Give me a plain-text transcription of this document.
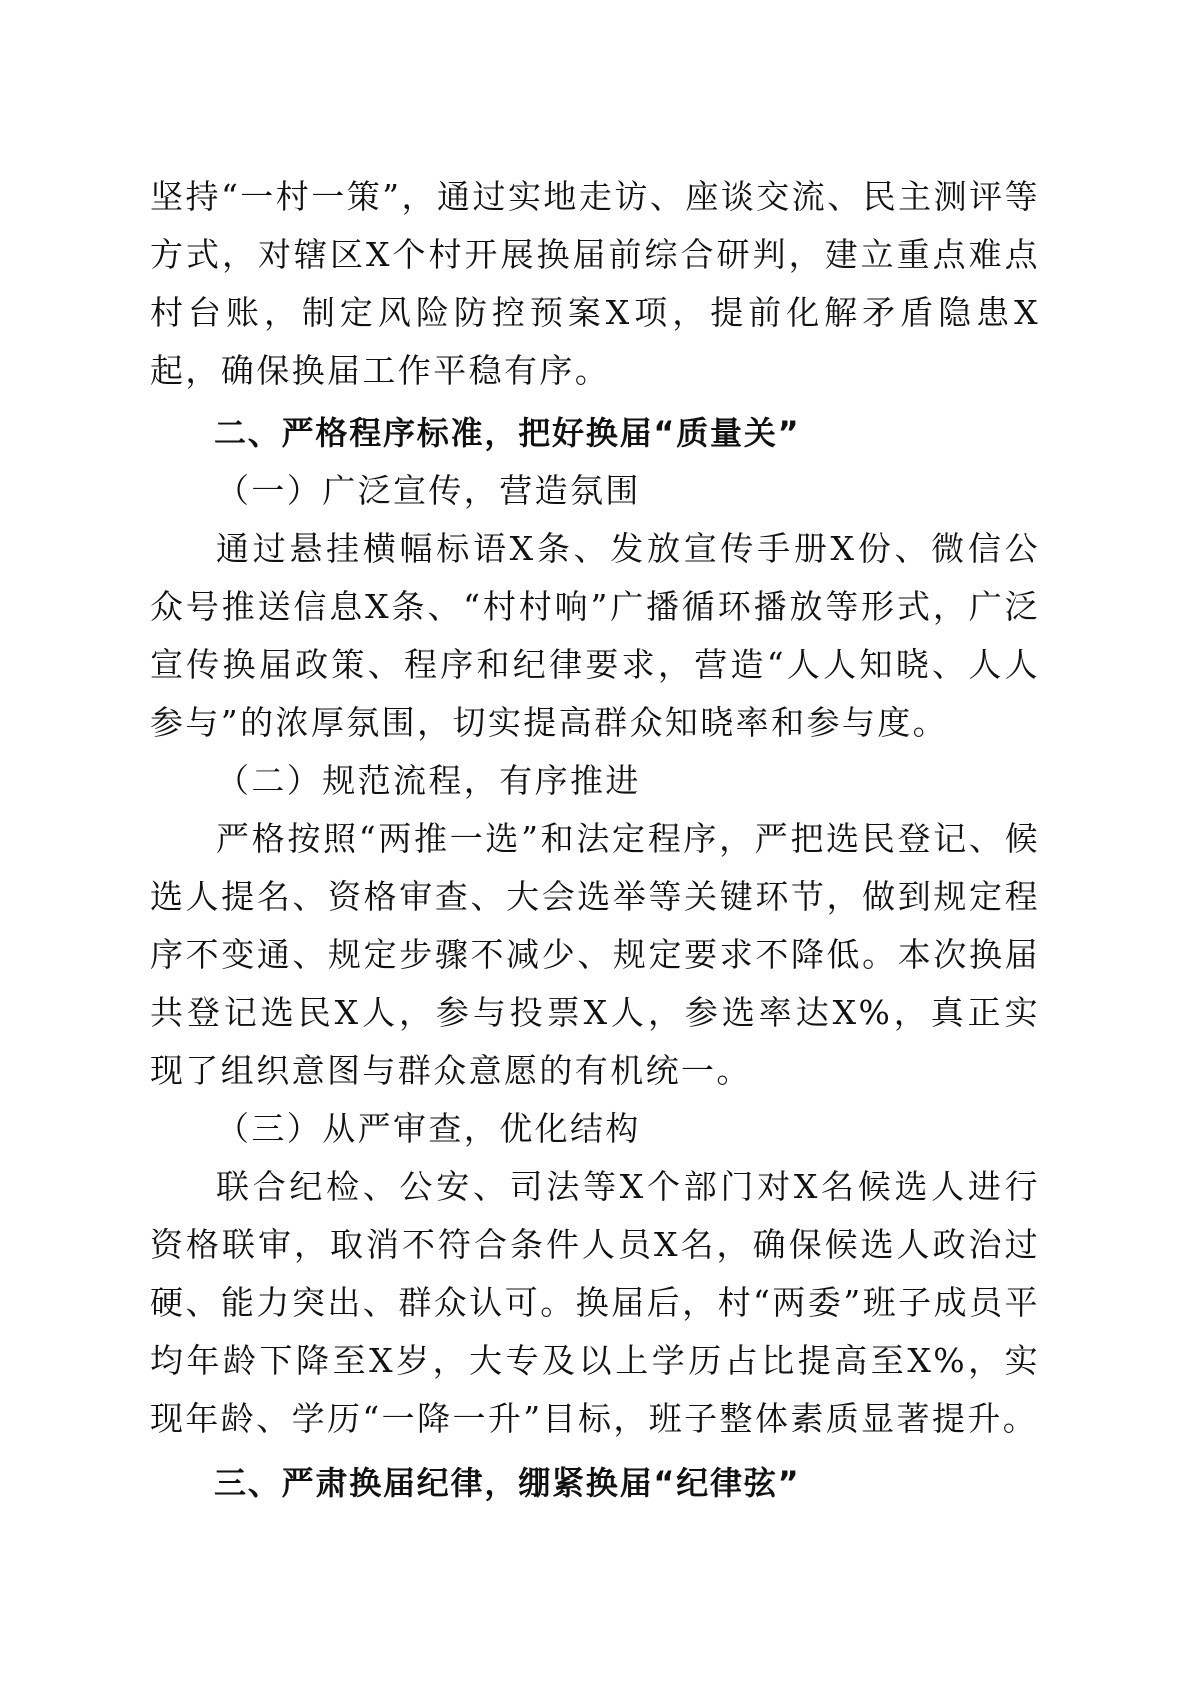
坚持“一村一策”，通过实地走访、座谈交流、民主测评等方式，对辖区X个村开展换届前综合研判，建立重点难点村台账，制定风险防控预案X项，提前化解矛盾隐患X起，确保换届工作平稳有序。

二、严格程序标准，把好换届“质量关”

（一）广泛宣传，营造氛围

通过悬挂横幅标语X条、发放宣传手册X份、微信公众号推送信息X条、“村村响”广播循环播放等形式，广泛宣传换届政策、程序和纪律要求，营造“人人知晓、人人参与”的浓厚氛围，切实提高群众知晓率和参与度。

（二）规范流程，有序推进

严格按照“两推一选”和法定程序，严把选民登记、候选人提名、资格审查、大会选举等关键环节，做到规定程序不变通、规定步骤不减少、规定要求不降低。本次换届共登记选民X人，参与投票X人，参选率达X%，真正实现了组织意图与群众意愿的有机统一。

（三）从严审查，优化结构

联合纪检、公安、司法等X个部门对X名候选人进行资格联审，取消不符合条件人员X名，确保候选人政治过硬、能力突出、群众认可。换届后，村“两委”班子成员平均年龄下降至X岁，大专及以上学历占比提高至X%，实现年龄、学历“一降一升”目标，班子整体素质显著提升。

三、严肃换届纪律，绷紧换届“纪律弦”
